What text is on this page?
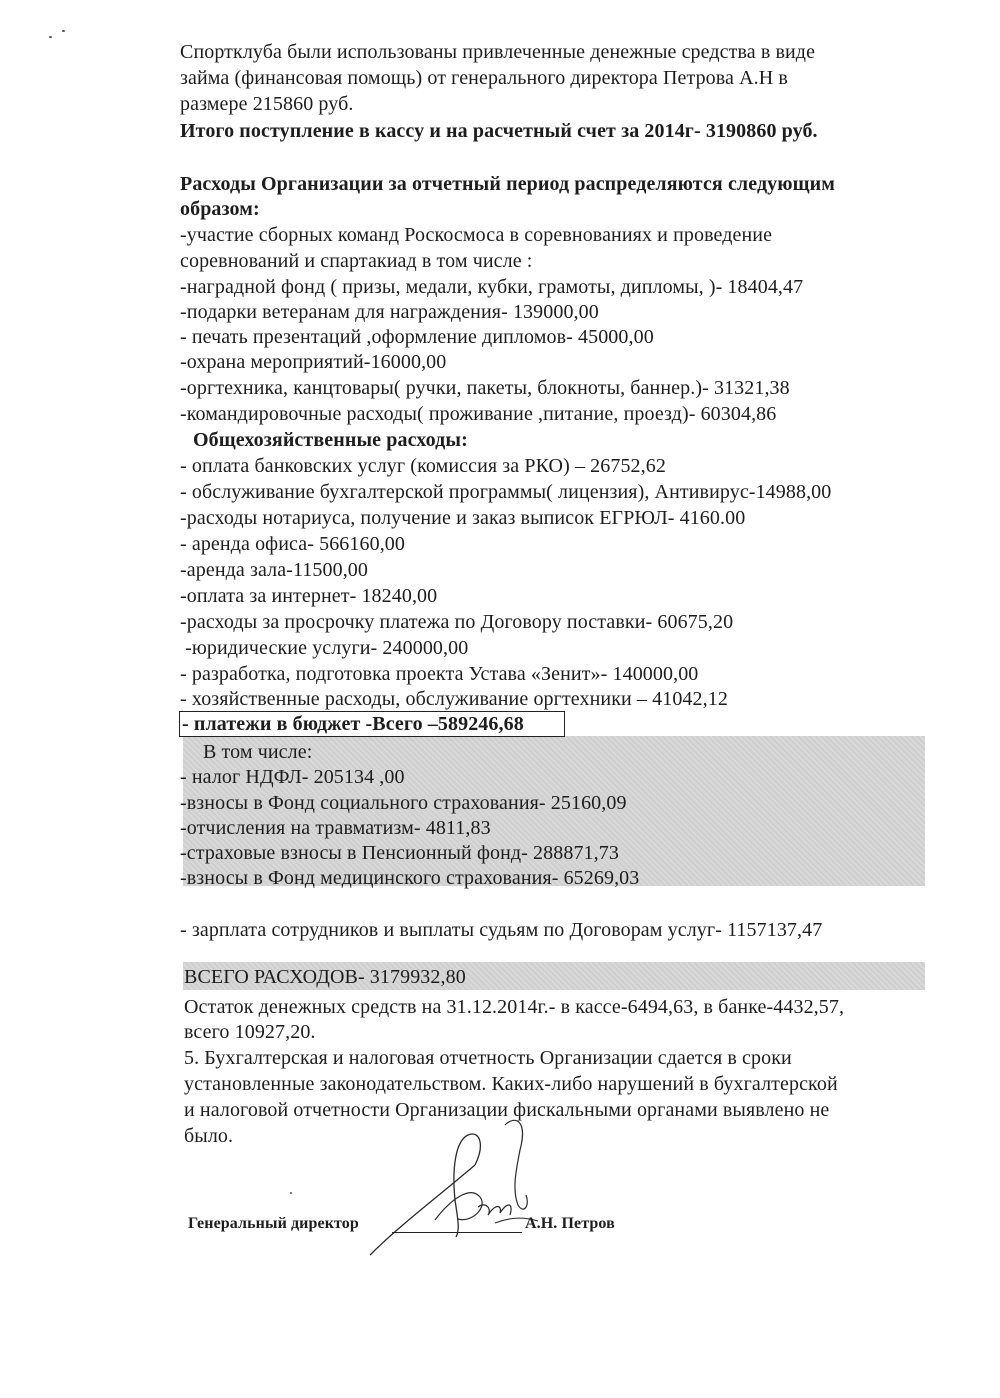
Спортклуба были использованы привлеченные денежные средства в виде
займа (финансовая помощь) от генерального директора Петрова А.Н в
размере 215860 руб.
Итого поступление в кассу и на расчетный счет за 2014г- 3190860 руб.
Расходы Организации за отчетный период распределяются следующим
образом:
-участие сборных команд Роскосмоса в соревнованиях и проведение
соревнований и спартакиад в том числе :
-наградной фонд ( призы, медали, кубки, грамоты, дипломы, )- 18404,47
-подарки ветеранам для награждения- 139000,00
- печать презентаций ,оформление дипломов- 45000,00
-охрана мероприятий-16000,00
-оргтехника, канцтовары( ручки, пакеты, блокноты, баннер.)- 31321,38
-командировочные расходы( проживание ,питание, проезд)- 60304,86
Общехозяйственные расходы:
- оплата банковских услуг (комиссия за РКО) – 26752,62
- обслуживание бухгалтерской программы( лицензия), Антивирус-14988,00
-расходы нотариуса, получение и заказ выписок ЕГРЮЛ- 4160.00
- аренда офиса- 566160,00
-аренда зала-11500,00
-оплата за интернет- 18240,00
-расходы за просрочку платежа по Договору поставки- 60675,20
-юридические услуги- 240000,00
- разработка, подготовка проекта Устава «Зенит»- 140000,00
- хозяйственные расходы, обслуживание оргтехники – 41042,12
- платежи в бюджет -Всего –589246,68
В том числе:
- налог НДФЛ- 205134 ,00
-взносы в Фонд социального страхования- 25160,09
-отчисления на травматизм- 4811,83
-страховые взносы в Пенсионный фонд- 288871,73
-взносы в Фонд медицинского страхования- 65269,03
- зарплата сотрудников и выплаты судьям по Договорам услуг- 1157137,47
ВСЕГО РАСХОДОВ- 3179932,80
Остаток денежных средств на 31.12.2014г.- в кассе-6494,63, в банке-4432,57,
всего 10927,20.
5. Бухгалтерская и налоговая отчетность Организации сдается в сроки
установленные законодательством. Каких-либо нарушений в бухгалтерской
и налоговой отчетности Организации фискальными органами выявлено не
было.
Генеральный директор	А.Н. Петров
